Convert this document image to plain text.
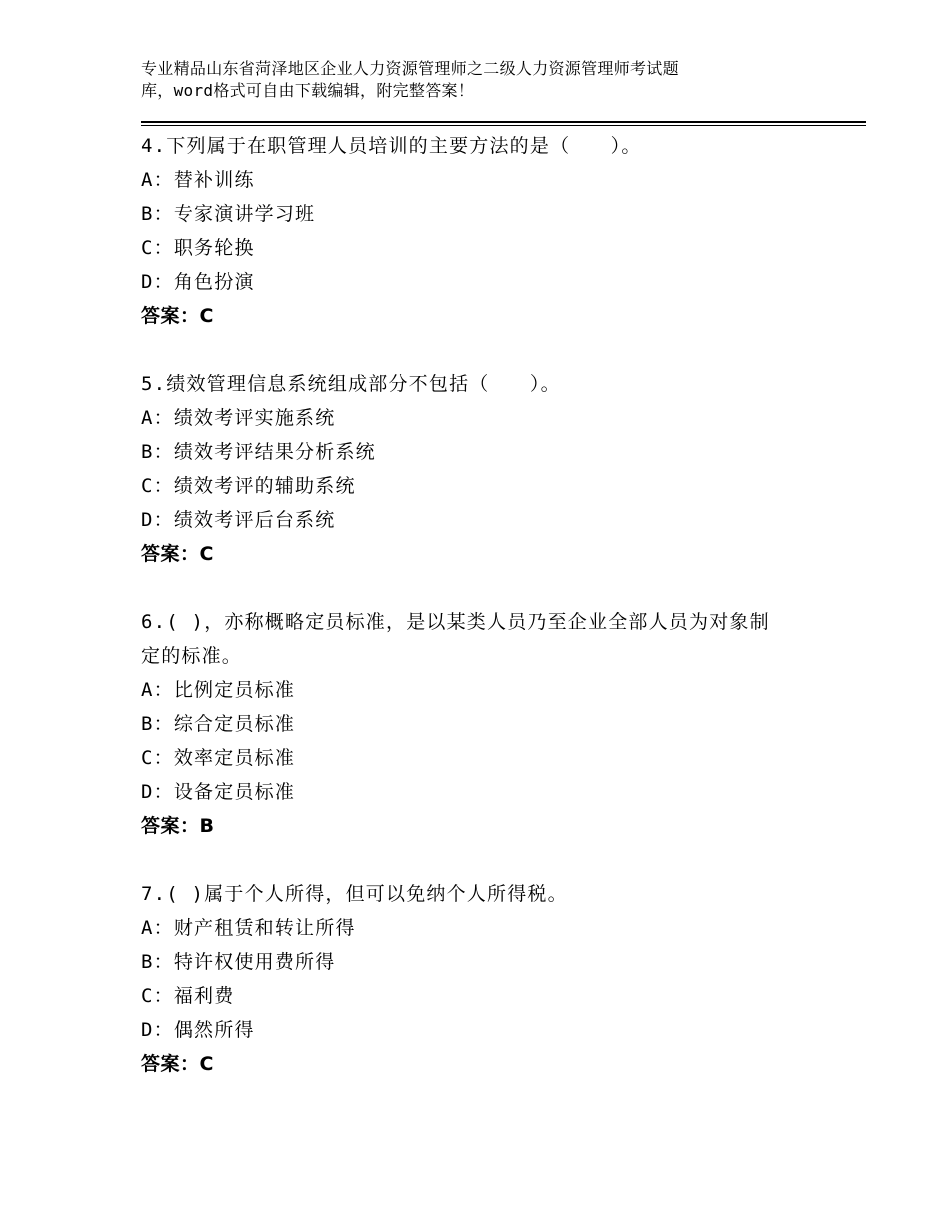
专业精品山东省菏泽地区企业人力资源管理师之二级人力资源管理师考试题
库，word格式可自由下载编辑，附完整答案！
4.下列属于在职管理人员培训的主要方法的是（　　）。
A：替补训练
B：专家演讲学习班
C：职务轮换
D：角色扮演
答案：C
5.绩效管理信息系统组成部分不包括（　　）。
A：绩效考评实施系统
B：绩效考评结果分析系统
C：绩效考评的辅助系统
D：绩效考评后台系统
答案：C
6.( )，亦称概略定员标准，是以某类人员乃至企业全部人员为对象制
定的标准。
A：比例定员标准
B：综合定员标准
C：效率定员标准
D：设备定员标准
答案：B
7.( )属于个人所得，但可以免纳个人所得税。
A：财产租赁和转让所得
B：特许权使用费所得
C：福利费
D：偶然所得
答案：C
